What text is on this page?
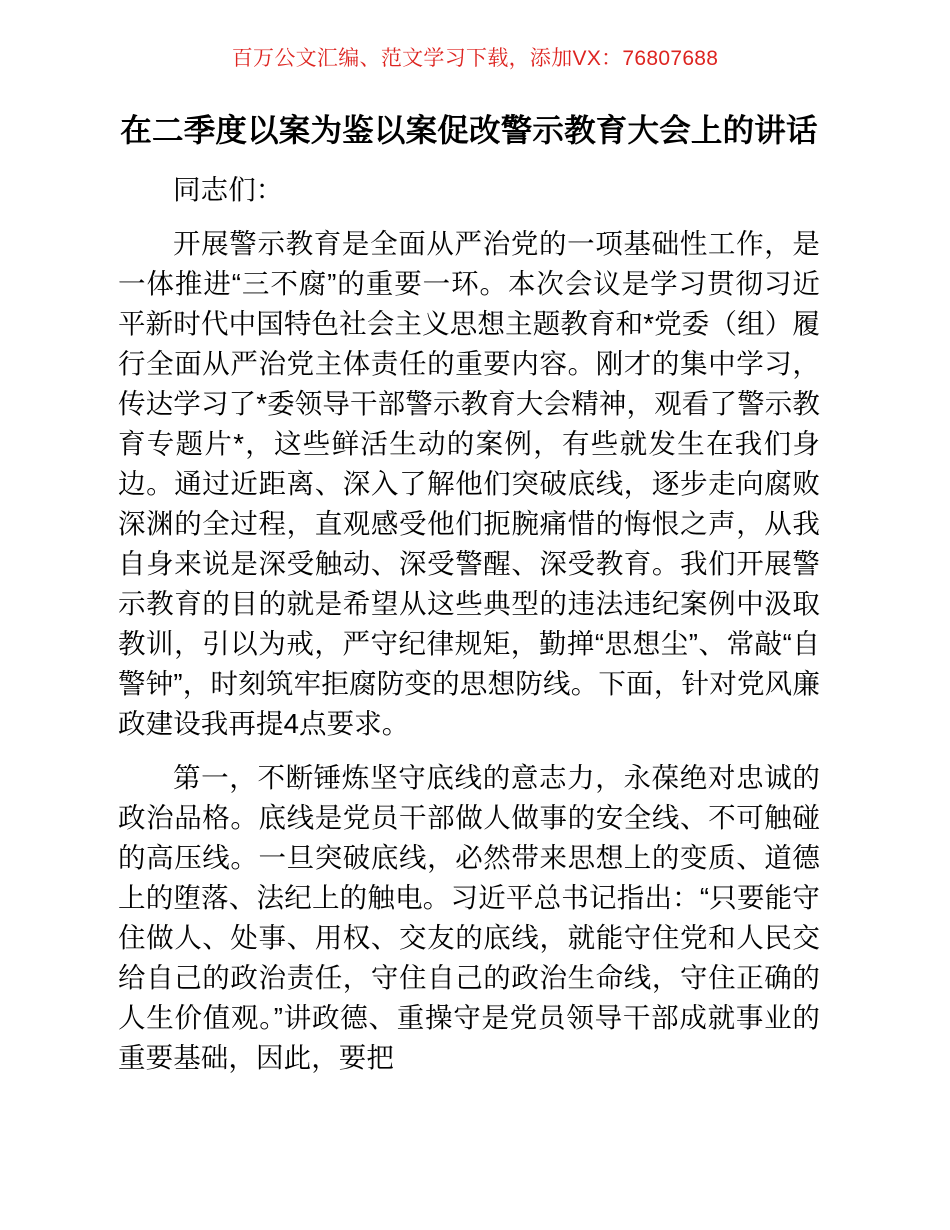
百万公文汇编、范文学习下载，添加VX：76807688
在二季度以案为鉴以案促改警示教育大会上的讲话

同志们：

开展警示教育是全面从严治党的一项基础性工作，是一体推进“三不腐”的重要一环。本次会议是学习贯彻习近平新时代中国特色社会主义思想主题教育和*党委（组）履行全面从严治党主体责任的重要内容。刚才的集中学习，传达学习了*委领导干部警示教育大会精神，观看了警示教育专题片*，这些鲜活生动的案例，有些就发生在我们身边。通过近距离、深入了解他们突破底线，逐步走向腐败深渊的全过程，直观感受他们扼腕痛惜的悔恨之声，从我自身来说是深受触动、深受警醒、深受教育。我们开展警示教育的目的就是希望从这些典型的违法违纪案例中汲取教训，引以为戒，严守纪律规矩，勤掸“思想尘”、常敲“自警钟”，时刻筑牢拒腐防变的思想防线。下面，针对党风廉政建设我再提4点要求。

第一，不断锤炼坚守底线的意志力，永葆绝对忠诚的政治品格。底线是党员干部做人做事的安全线、不可触碰的高压线。一旦突破底线，必然带来思想上的变质、道德上的堕落、法纪上的触电。习近平总书记指出：“只要能守住做人、处事、用权、交友的底线，就能守住党和人民交给自己的政治责任，守住自己的政治生命线，守住正确的人生价值观。”讲政德、重操守是党员领导干部成就事业的重要基础，因此，要把
